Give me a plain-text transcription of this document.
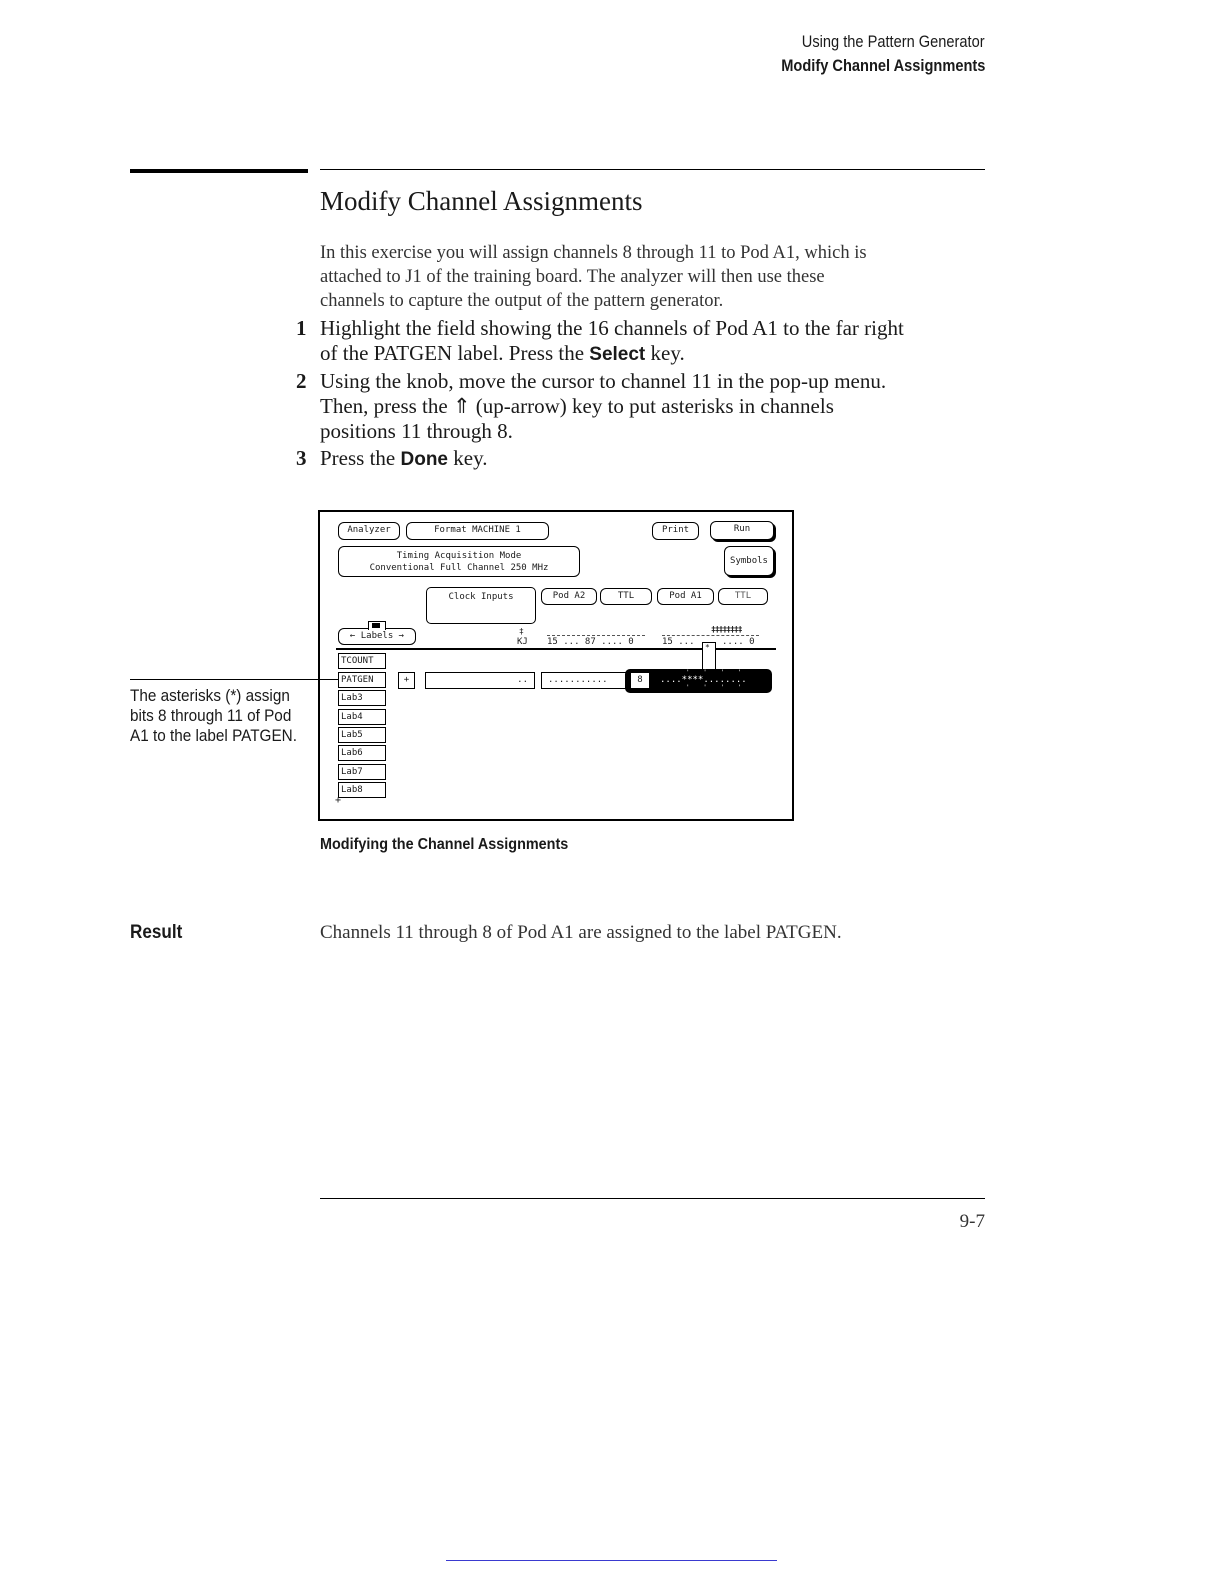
Using the Pattern Generator
Modify Channel Assignments
Modify Channel Assignments
In this exercise you will assign channels 8 through 11 to Pod A1, which is
attached to J1 of the training board. The analyzer will then use these
channels to capture the output of the pattern generator.
1 Highlight the field showing the 16 channels of Pod A1 to the far right
of the PATGEN label. Press the Select key.
2 Using the knob, move the cursor to channel 11 in the pop-up menu.
Then, press the ⇑ (up-arrow) key to put asterisks in channels
positions 11 through 8.
3 Press the Done key.
Analyzer	Format MACHINE 1	Print	Run
Timing Acquisition Mode
Conventional Full Channel 250 MHz
Symbols
Clock Inputs	Pod A2	TTL	Pod A1	TTL
← Labels →
KJ
‡
15 ... 87 .... 0	15 ...	.... 0
‡‡‡‡‡‡‡‡
*
TCOUNT
PATGEN
Lab3
Lab4
Lab5
Lab6
Lab7
Lab8
+
+	..	...........	8	....****........
' ' ' '
' ' ' '
The asterisks (*) assign
bits 8 through 11 of Pod
A1 to the label PATGEN.
Modifying the Channel Assignments
Result	Channels 11 through 8 of Pod A1 are assigned to the label PATGEN.
9-7
